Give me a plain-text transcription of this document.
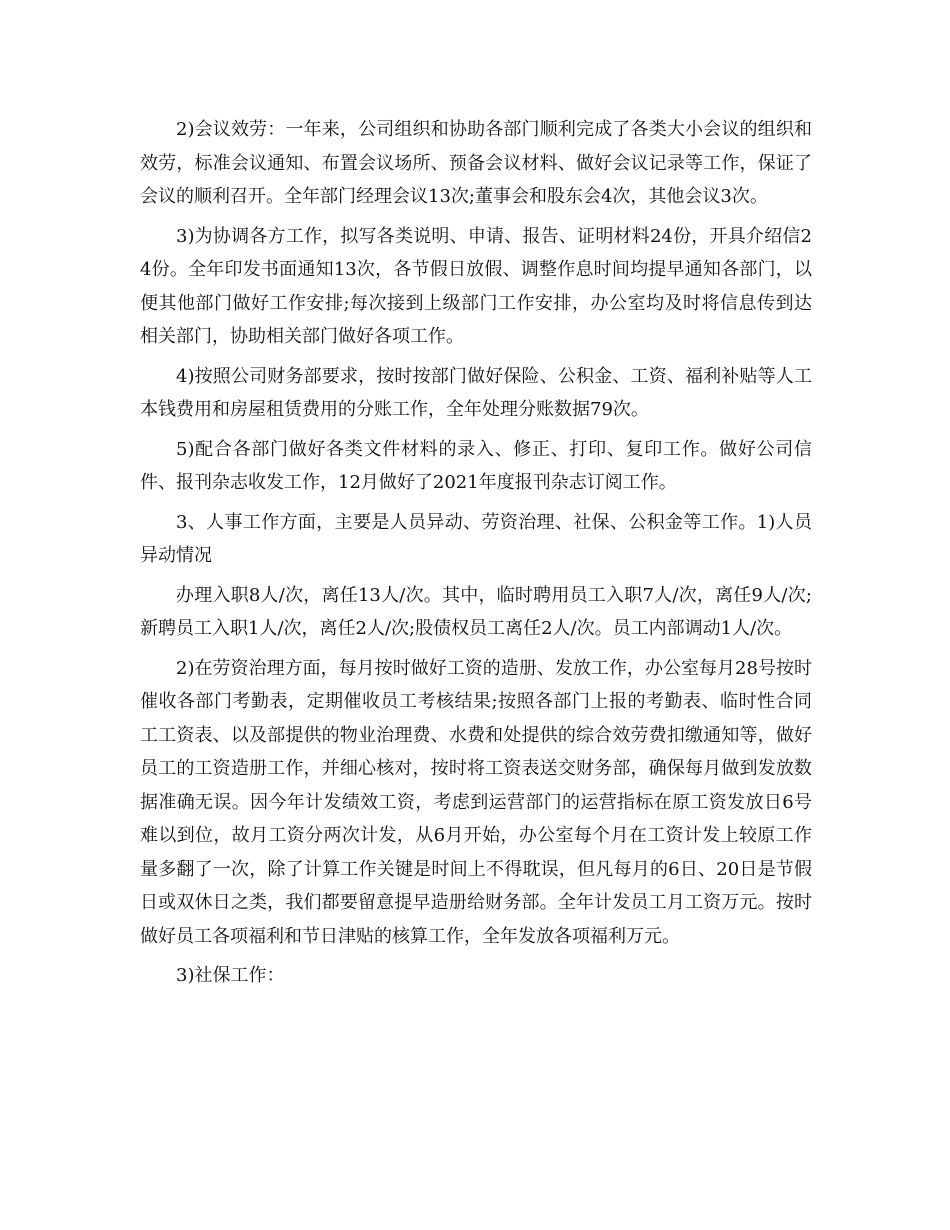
2)会议效劳：一年来，公司组织和协助各部门顺利完成了各类大小会议的组织和效劳，标准会议通知、布置会议场所、预备会议材料、做好会议记录等工作，保证了会议的顺利召开。全年部门经理会议13次;董事会和股东会4次，其他会议3次。

3)为协调各方工作，拟写各类说明、申请、报告、证明材料24份，开具介绍信24份。全年印发书面通知13次，各节假日放假、调整作息时间均提早通知各部门，以便其他部门做好工作安排;每次接到上级部门工作安排，办公室均及时将信息传到达相关部门，协助相关部门做好各项工作。

4)按照公司财务部要求，按时按部门做好保险、公积金、工资、福利补贴等人工本钱费用和房屋租赁费用的分账工作，全年处理分账数据79次。

5)配合各部门做好各类文件材料的录入、修正、打印、复印工作。做好公司信件、报刊杂志收发工作，12月做好了2021年度报刊杂志订阅工作。

3、人事工作方面，主要是人员异动、劳资治理、社保、公积金等工作。1)人员异动情况

办理入职8人/次，离任13人/次。其中，临时聘用员工入职7人/次，离任9人/次;新聘员工入职1人/次，离任2人/次;股债权员工离任2人/次。员工内部调动1人/次。

2)在劳资治理方面，每月按时做好工资的造册、发放工作，办公室每月28号按时催收各部门考勤表，定期催收员工考核结果;按照各部门上报的考勤表、临时性合同工工资表、以及部提供的物业治理费、水费和处提供的综合效劳费扣缴通知等，做好员工的工资造册工作，并细心核对，按时将工资表送交财务部，确保每月做到发放数据准确无误。因今年计发绩效工资，考虑到运营部门的运营指标在原工资发放日6号难以到位，故月工资分两次计发，从6月开始，办公室每个月在工资计发上较原工作量多翻了一次，除了计算工作关键是时间上不得耽误，但凡每月的6日、20日是节假日或双休日之类，我们都要留意提早造册给财务部。全年计发员工月工资万元。按时做好员工各项福利和节日津贴的核算工作，全年发放各项福利万元。

3)社保工作：
